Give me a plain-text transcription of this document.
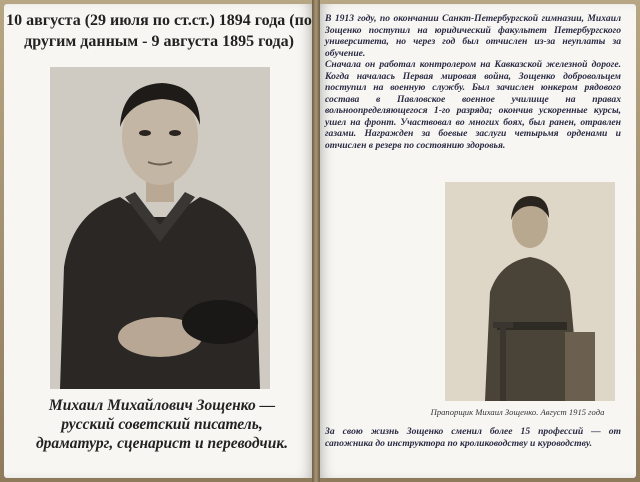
10 августа (29 июля по ст.ст.) 1894 года (по другим данным - 9 августа 1895 года)
Михаил Михайлович Зощенко — русский советский писатель, драматург, сценарист и переводчик.

В 1913 году, по окончании Санкт-Петербургской гимназии, Михаил Зощенко поступил на юридический факультет Петербургского университета, но через год был отчислен из-за неуплаты за обучение.

Сначала он работал контролером на Кавказской железной дороге. Когда началась Первая мировая война, Зощенко добровольцем поступил на военную службу. Был зачислен юнкером рядового состава в Павловское военное училище на правах вольноопределяющегося 1-го разряда; окончив ускоренные курсы, ушел на фронт. Участвовал во многих боях, был ранен, отравлен газами. Награжден за боевые заслуги четырьмя орденами и отчислен в резерв по состоянию здоровья.

Прапорщик Михаил Зощенко. Август 1915 года
За свою жизнь Зощенко сменил более 15 профессий — от сапожника до инструктора по кролиководству и куроводству.
